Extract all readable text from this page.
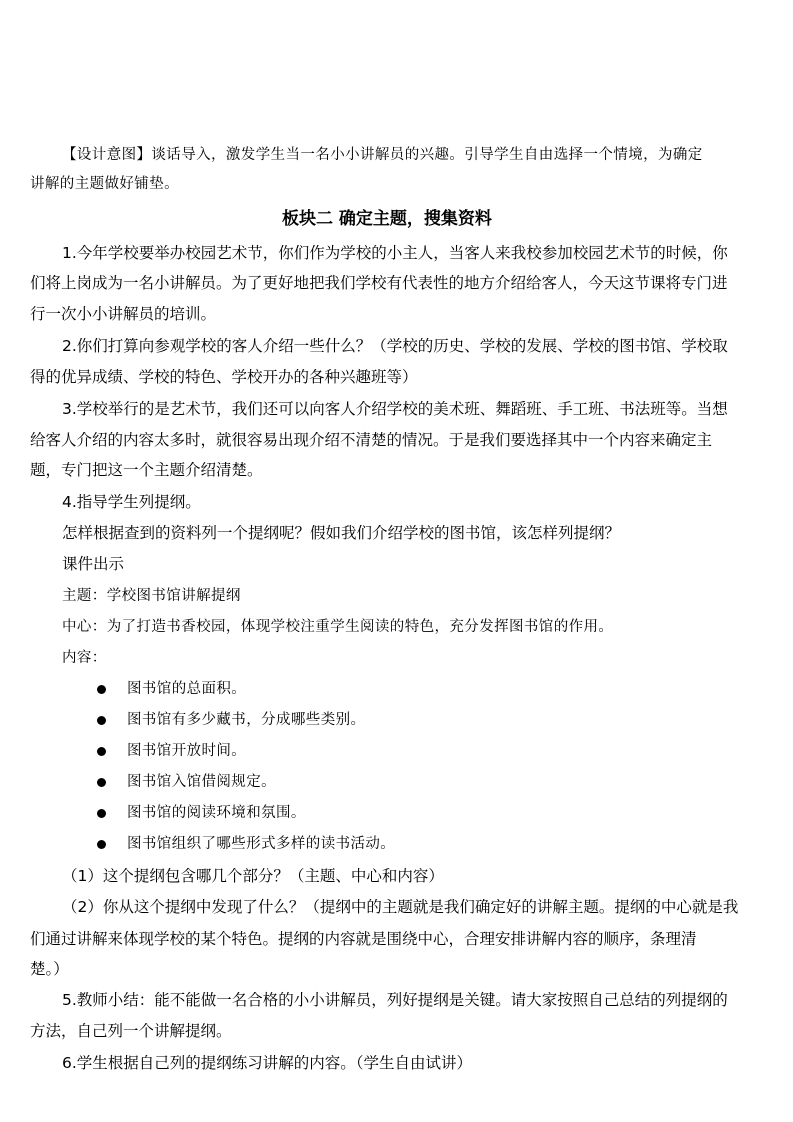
【设计意图】谈话导入，激发学生当一名小小讲解员的兴趣。引导学生自由选择一个情境，为确定
讲解的主题做好铺垫。
板块二 确定主题，搜集资料
1.今年学校要举办校园艺术节，你们作为学校的小主人，当客人来我校参加校园艺术节的时候，你
们将上岗成为一名小讲解员。为了更好地把我们学校有代表性的地方介绍给客人，今天这节课将专门进
行一次小小讲解员的培训。
2.你们打算向参观学校的客人介绍一些什么？（学校的历史、学校的发展、学校的图书馆、学校取
得的优异成绩、学校的特色、学校开办的各种兴趣班等）
3.学校举行的是艺术节，我们还可以向客人介绍学校的美术班、舞蹈班、手工班、书法班等。当想
给客人介绍的内容太多时，就很容易出现介绍不清楚的情况。于是我们要选择其中一个内容来确定主
题，专门把这一个主题介绍清楚。
4.指导学生列提纲。
怎样根据查到的资料列一个提纲呢？假如我们介绍学校的图书馆，该怎样列提纲？
课件出示
主题：学校图书馆讲解提纲
中心：为了打造书香校园，体现学校注重学生阅读的特色，充分发挥图书馆的作用。
内容：
图书馆的总面积。
图书馆有多少藏书，分成哪些类别。
图书馆开放时间。
图书馆入馆借阅规定。
图书馆的阅读环境和氛围。
图书馆组织了哪些形式多样的读书活动。
（1）这个提纲包含哪几个部分？（主题、中心和内容）
（2）你从这个提纲中发现了什么？（提纲中的主题就是我们确定好的讲解主题。提纲的中心就是我
们通过讲解来体现学校的某个特色。提纲的内容就是围绕中心，合理安排讲解内容的顺序，条理清
楚。）
5.教师小结：能不能做一名合格的小小讲解员，列好提纲是关键。请大家按照自己总结的列提纲的
方法，自己列一个讲解提纲。
6.学生根据自己列的提纲练习讲解的内容。（学生自由试讲）
